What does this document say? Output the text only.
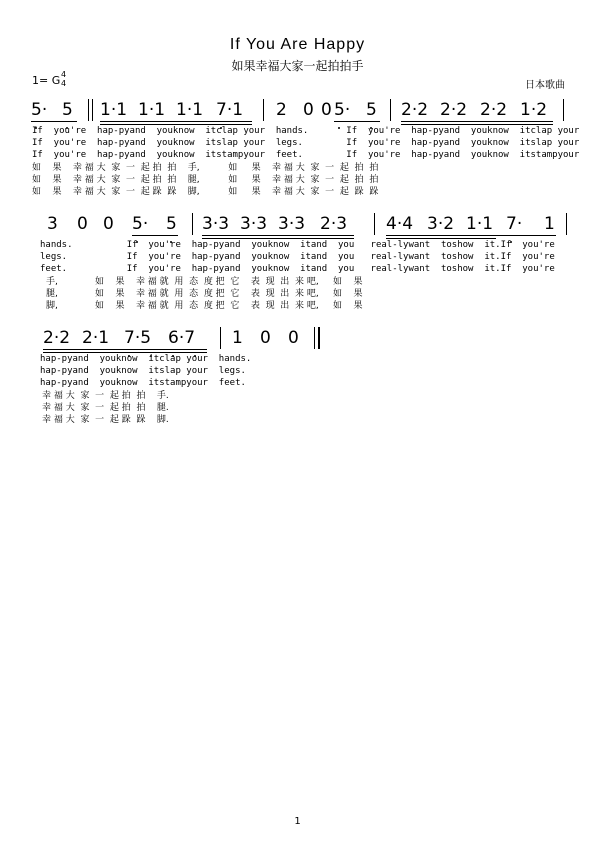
If You Are Happy
如果幸福大家一起拍拍手
1= G 4
4	日本歌曲
5· 5 1·1 1·1 1·1 7·1 2 0 0 5· 5 2·2 2·2 2·2 1·2
If  you're  hap-pyand  youknow  itclap your  hands.       If  you're  hap-pyand  youknow  itclap your
If  you're  hap-pyand  youknow  itslap your  legs.        If  you're  hap-pyand  youknow  itslap your
If  you're  hap-pyand  youknow  itstampyour  feet.        If  you're  hap-pyand  youknow  itstampyour
如    果    幸 福 大  家  一  起 拍  拍    手,          如     果    幸 福 大  家  一  起  拍  拍
如    果    幸 福 大  家  一  起 拍  拍    腿,          如     果    幸 福 大  家  一  起  拍  拍
如    果    幸 福 大  家  一  起 跺  跺    脚,          如     果    幸 福 大  家  一  起  跺  跺
3 0 0 5· 5 3·3 3·3 3·3 2·3 4·4 3·2 1·1 7· 1
hands.          If  you're  hap-pyand  youknow  itand  you   real-lywant  toshow  it.If  you're
legs.           If  you're  hap-pyand  youknow  itand  you   real-lywant  toshow  it.If  you're
feet.           If  you're  hap-pyand  youknow  itand  you   real-lywant  toshow  it.If  you're
手,             如    果    幸 福 就  用  态  度 把  它    表  现  出  来 吧,     如    果
腿,             如    果    幸 福 就  用  态  度 把  它    表  现  出  来 吧,     如    果
脚,             如    果    幸 福 就  用  态  度 把  它    表  现  出  来 吧,     如    果
2·2 2·1 7·5 6·7 1 0 0
hap-pyand  youknow  itclap your  hands.
hap-pyand  youknow  itslap your  legs.
hap-pyand  youknow  itstampyour  feet.
幸 福 大  家  一  起 拍  拍    手.
幸 福 大  家  一  起 拍  拍    腿.
幸 福 大  家  一  起 跺  跺    脚.
1
